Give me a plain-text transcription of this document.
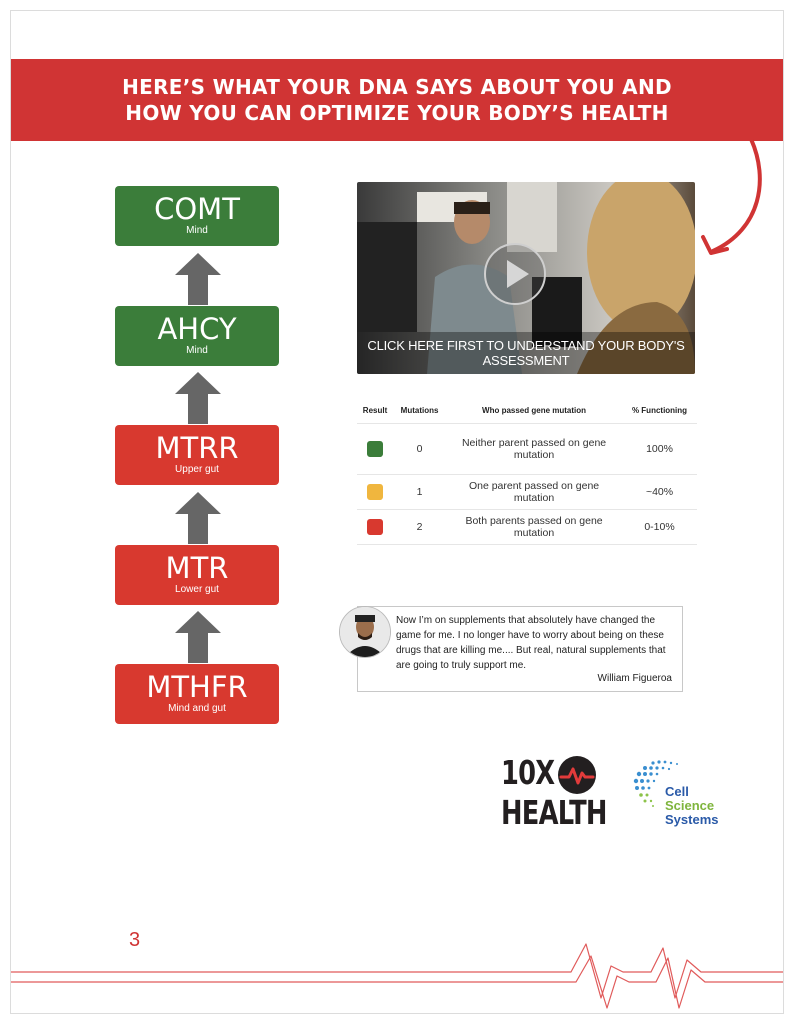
HERE’S WHAT YOUR DNA SAYS ABOUT YOU AND
HOW YOU CAN OPTIMIZE YOUR BODY’S HEALTH
COMT
Mind
AHCY
Mind
MTRR
Upper gut
MTR
Lower gut
MTHFR
Mind and gut
CLICK HERE FIRST TO UNDERSTAND YOUR BODY'S ASSESSMENT
Result	Mutations	Who passed gene mutation	% Functioning
	0	Neither parent passed on gene mutation	100%
	1	One parent passed on gene mutation	~40%
	2	Both parents passed on gene mutation	0-10%
Now I’m on supplements that absolutely have changed the game for me. I no longer have to worry about being on these drugs that are killing me.... But real, natural supplements that are going to truly support me.
William Figueroa
10X
HEALTH
Cell
Science
Systems
3
